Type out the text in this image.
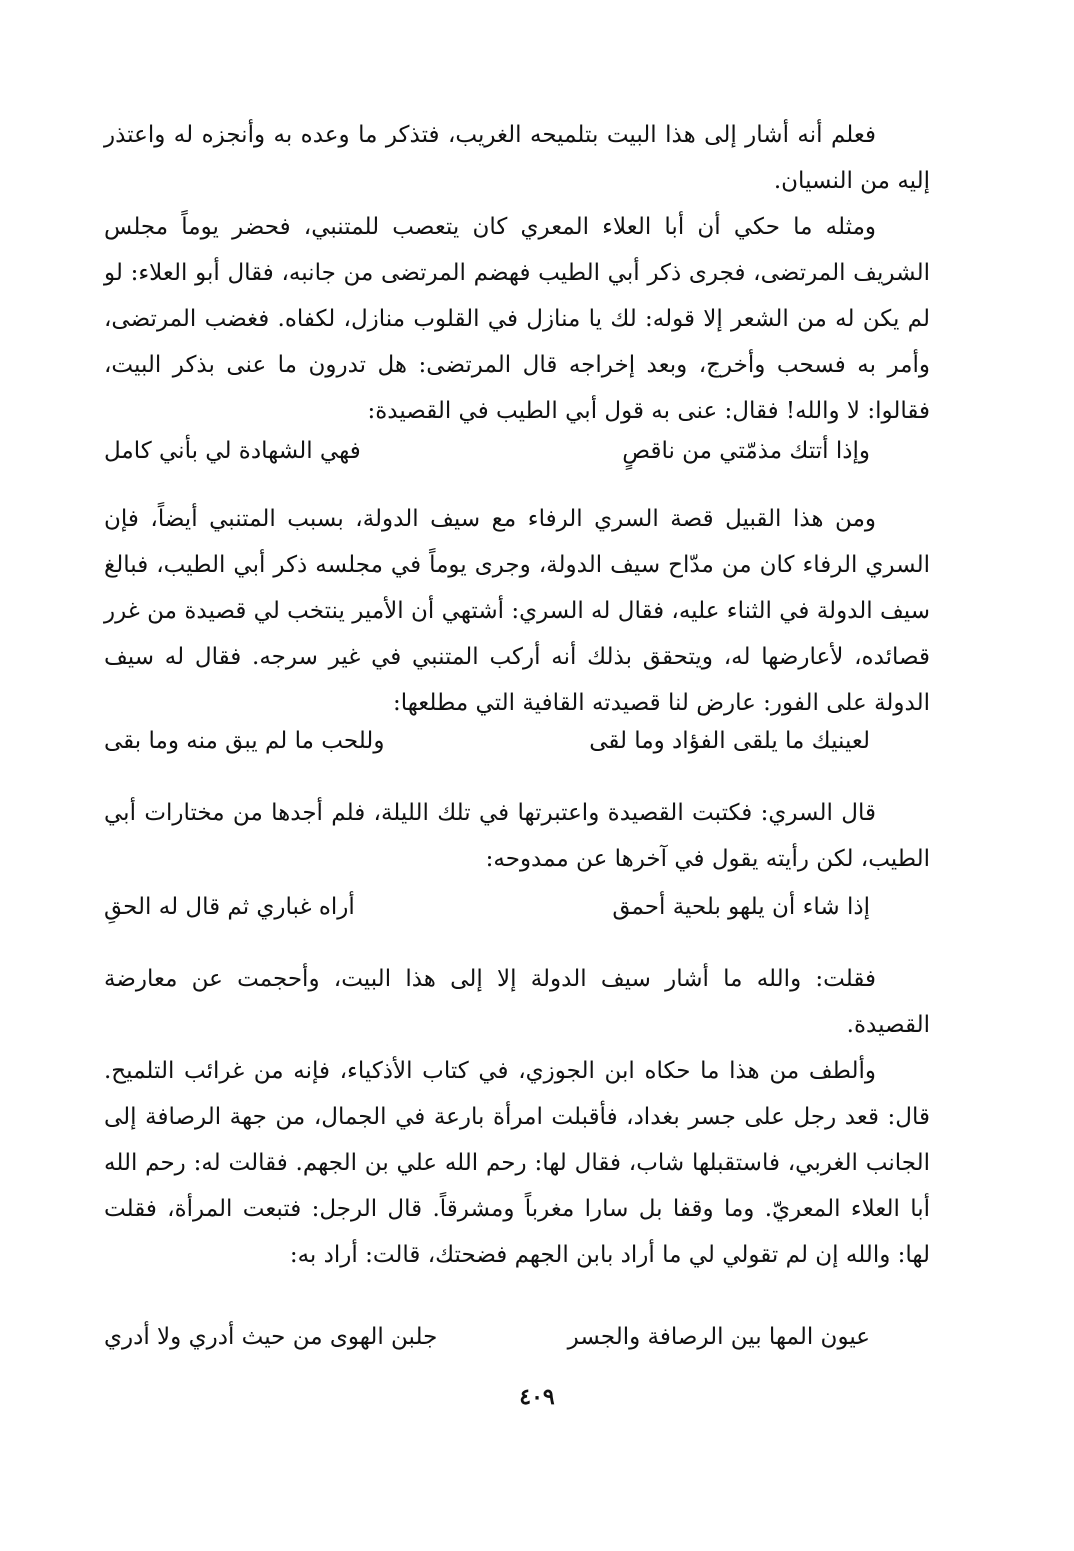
فعلم أنه أشار إلى هذا البيت بتلميحه الغريب، فتذكر ما وعده به وأنجزه له واعتذر إليه من النسيان.

ومثله ما حكي أن أبا العلاء المعري كان يتعصب للمتنبي، فحضر يوماً مجلس الشريف المرتضى، فجرى ذكر أبي الطيب فهضم المرتضى من جانبه، فقال أبو العلاء: لو لم يكن له من الشعر إلا قوله: لك يا منازل في القلوب منازل، لكفاه. فغضب المرتضى، وأمر به فسحب وأخرج، وبعد إخراجه قال المرتضى: هل تدرون ما عنى بذكر البيت، فقالوا: لا والله! فقال: عنى به قول أبي الطيب في القصيدة:

وإذا أتتك مذمّتي من ناقصٍ
فهي الشهادة لي بأني كامل

ومن هذا القبيل قصة السري الرفاء مع سيف الدولة، بسبب المتنبي أيضاً، فإن السري الرفاء كان من مدّاح سيف الدولة، وجرى يوماً في مجلسه ذكر أبي الطيب، فبالغ سيف الدولة في الثناء عليه، فقال له السري: أشتهي أن الأمير ينتخب لي قصيدة من غرر قصائده، لأعارضها له، ويتحقق بذلك أنه أركب المتنبي في غير سرجه. فقال له سيف الدولة على الفور: عارض لنا قصيدته القافية التي مطلعها:

لعينيك ما يلقى الفؤاد وما لقى
وللحب ما لم يبق منه وما بقى

قال السري: فكتبت القصيدة واعتبرتها في تلك الليلة، فلم أجدها من مختارات أبي الطيب، لكن رأيته يقول في آخرها عن ممدوحه:

إذا شاء أن يلهو بلحية أحمق
أراه غباري ثم قال له الحقِ

فقلت: والله ما أشار سيف الدولة إلا إلى هذا البيت، وأحجمت عن معارضة القصيدة.

وألطف من هذا ما حكاه ابن الجوزي، في كتاب الأذكياء، فإنه من غرائب التلميح. قال: قعد رجل على جسر بغداد، فأقبلت امرأة بارعة في الجمال، من جهة الرصافة إلى الجانب الغربي، فاستقبلها شاب، فقال لها: رحم الله علي بن الجهم. فقالت له: رحم الله أبا العلاء المعريّ. وما وقفا بل سارا مغرباً ومشرقاً. قال الرجل: فتبعت المرأة، فقلت لها: والله إن لم تقولي لي ما أراد بابن الجهم فضحتك، قالت: أراد به:

عيون المها بين الرصافة والجسر
جلبن الهوى من حيث أدري ولا أدري
٤٠٩
